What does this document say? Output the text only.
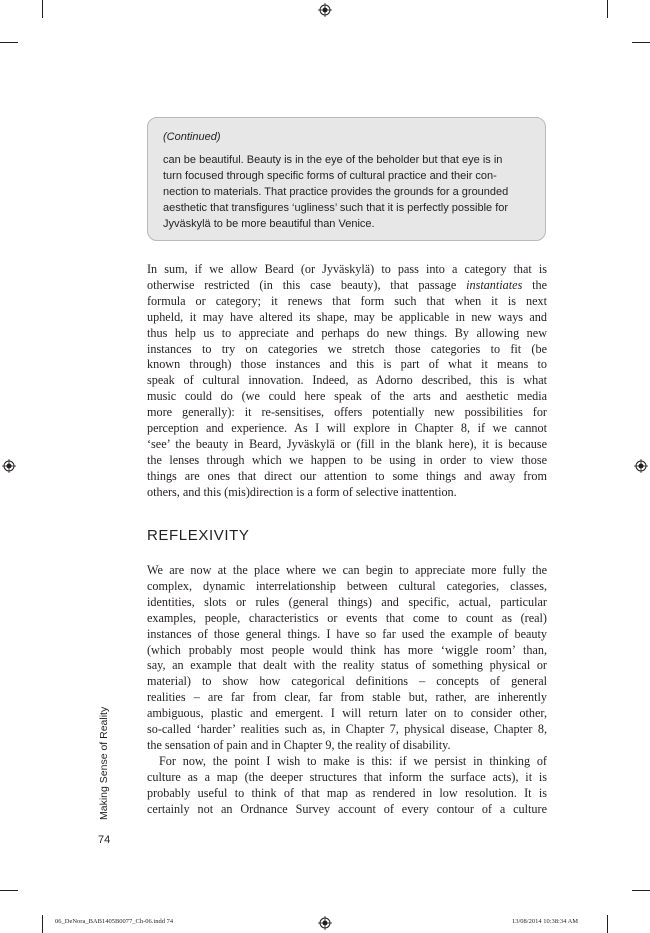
(Continued)
can be beautiful. Beauty is in the eye of the beholder but that eye is in
turn focused through specific forms of cultural practice and their con-
nection to materials. That practice provides the grounds for a grounded
aesthetic that transfigures ‘ugliness’ such that it is perfectly possible for
Jyväskylä to be more beautiful than Venice.
In sum, if we allow Beard (or Jyväskylä) to pass into a category that is
otherwise restricted (in this case beauty), that passage instantiates the
formula or category; it renews that form such that when it is next
upheld, it may have altered its shape, may be applicable in new ways and
thus help us to appreciate and perhaps do new things. By allowing new
instances to try on categories we stretch those categories to fit (be
known through) those instances and this is part of what it means to
speak of cultural innovation. Indeed, as Adorno described, this is what
music could do (we could here speak of the arts and aesthetic media
more generally): it re-sensitises, offers potentially new possibilities for
perception and experience. As I will explore in Chapter 8, if we cannot
‘see’ the beauty in Beard, Jyväskylä or (fill in the blank here), it is because
the lenses through which we happen to be using in order to view those
things are ones that direct our attention to some things and away from
others, and this (mis)direction is a form of selective inattention.
REFLEXIVITY
We are now at the place where we can begin to appreciate more fully the
complex, dynamic interrelationship between cultural categories, classes,
identities, slots or rules (general things) and specific, actual, particular
examples, people, characteristics or events that come to count as (real)
instances of those general things. I have so far used the example of beauty
(which probably most people would think has more ‘wiggle room’ than,
say, an example that dealt with the reality status of something physical or
material) to show how categorical definitions – concepts of general
realities – are far from clear, far from stable but, rather, are inherently
ambiguous, plastic and emergent. I will return later on to consider other,
so-called ‘harder’ realities such as, in Chapter 7, physical disease, Chapter 8,
the sensation of pain and in Chapter 9, the reality of disability.
For now, the point I wish to make is this: if we persist in thinking of
culture as a map (the deeper structures that inform the surface acts), it is
probably useful to think of that map as rendered in low resolution. It is
certainly not an Ordnance Survey account of every contour of a culture
Making Sense of Reality
74
06_DeNora_BAB1405B0077_Ch-06.indd 74	13/08/2014 10:38:34 AM
